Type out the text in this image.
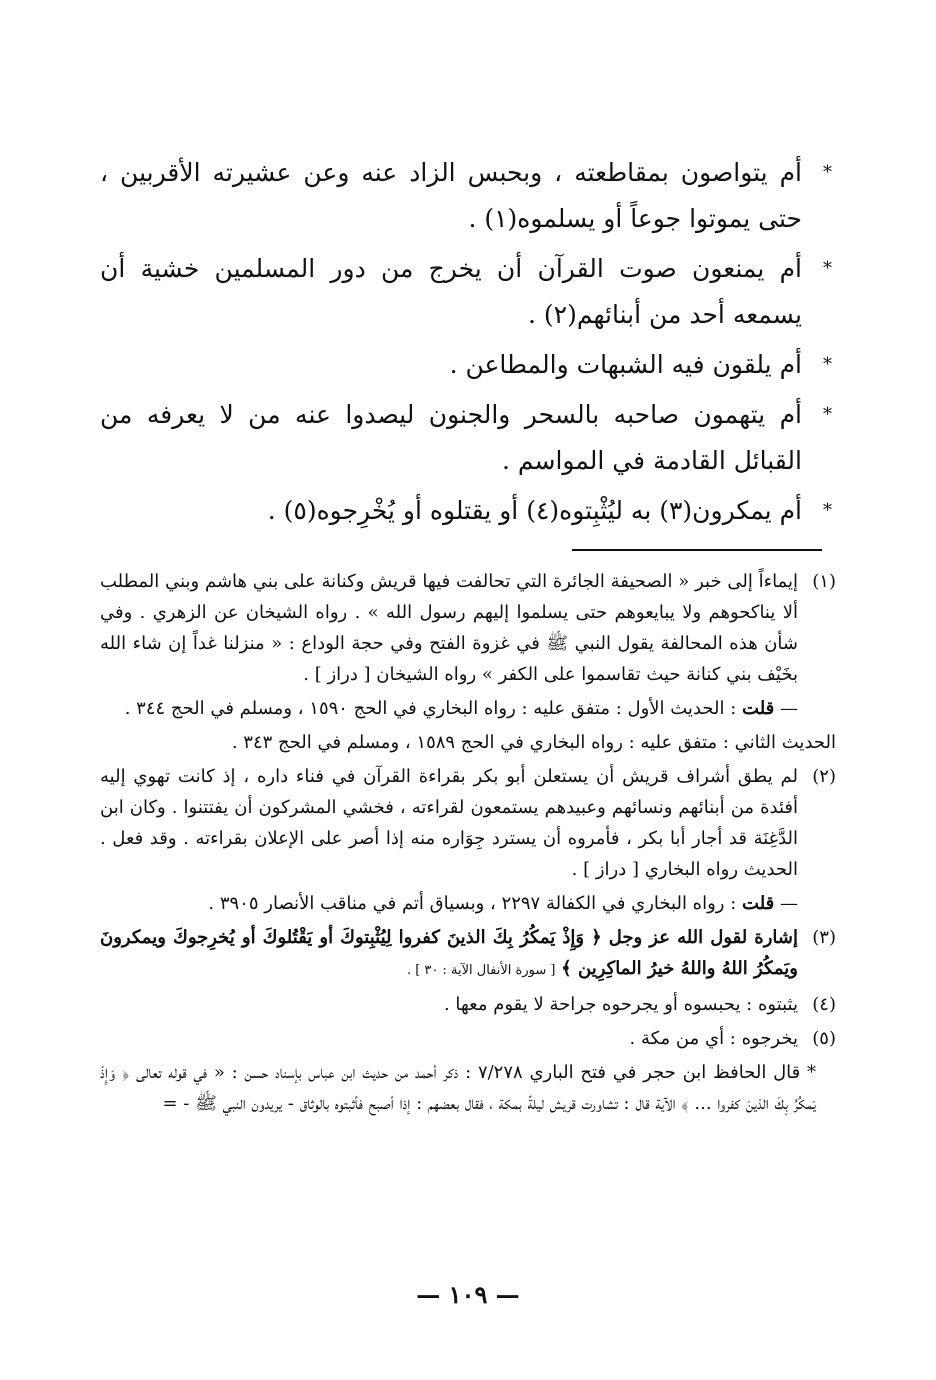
*
أم يتواصون بمقاطعته ، وبحبس الزاد عنه وعن عشيرته الأقربين ، حتى يموتوا جوعاً أو يسلموه(١) .
*
أم يمنعون صوت القرآن أن يخرج من دور المسلمين خشية أن يسمعه أحد من أبنائهم(٢) .
*
أم يلقون فيه الشبهات والمطاعن .
*
أم يتهمون صاحبه بالسحر والجنون ليصدوا عنه من لا يعرفه من القبائل القادمة في المواسم .
*
أم يمكرون(٣) به ليُثْبِتوه(٤) أو يقتلوه أو يُخْرِجوه(٥) .
(١)
إيماءاً إلى خبر « الصحيفة الجائرة التي تحالفت فيها قريش وكنانة على بني هاشم وبني المطلب ألا يناكحوهم ولا يبايعوهم حتى يسلموا إليهم رسول الله » . رواه الشيخان عن الزهري . وفي شأن هذه المحالفة يقول النبي ﷺ في غزوة الفتح وفي حجة الوداع : « منزلنا غداً إن شاء الله بخَيْف بني كنانة حيث تقاسموا على الكفر » رواه الشيخان [ دراز ] .
— قلت : الحديث الأول : متفق عليه : رواه البخاري في الحج ١٥٩٠ ، ومسلم في الحج ٣٤٤ .
الحديث الثاني : متفق عليه : رواه البخاري في الحج ١٥٨٩ ، ومسلم في الحج ٣٤٣ .
(٢)
لم يطق أشراف قريش أن يستعلن أبو بكر بقراءة القرآن في فناء داره ، إذ كانت تهوي إليه أفئدة من أبنائهم ونسائهم وعبيدهم يستمعون لقراءته ، فخشي المشركون أن يفتتنوا . وكان ابن الدَّغِنَة قد أجار أبا بكر ، فأمروه أن يسترد جِوَاره منه إذا أصر على الإعلان بقراءته . وقد فعل . الحديث رواه البخاري [ دراز ] .
— قلت : رواه البخاري في الكفالة ٢٢٩٧ ، وبسياق أتم في مناقب الأنصار ٣٩٠٥ .
(٣)
إشارة لقول الله عز وجل ﴿ وَإِذْ يَمكُرُ بِكَ الذينَ كفروا لِيُثْبِتوكَ أو يَقْتُلوكَ أو يُخرِجوكَ ويمكرونَ ويَمكُرُ اللهُ واللهُ خيرُ الماكِرِين ﴾ [ سورة الأنفال الآية : ٣٠ ] .
(٤)
يثبتوه : يحبسوه أو يجرحوه جراحة لا يقوم معها .
(٥)
يخرجوه : أي من مكة .
* قال الحافظ ابن حجر في فتح الباري ٧/٢٧٨ : ذكر أحمد من حديث ابن عباس بإسناد حسن : « في قوله تعالى ﴿ وَإِذْ يَمكُرُ بِكَ الذينَ كفروا ... ﴾ الآية قال : تشاورت قريش ليلةً بمكة ، فقال بعضهم : إذا أصبح فأثبتوه بالوثاق - يريدون النبي ﷺ - =
— ١٠٩ —
